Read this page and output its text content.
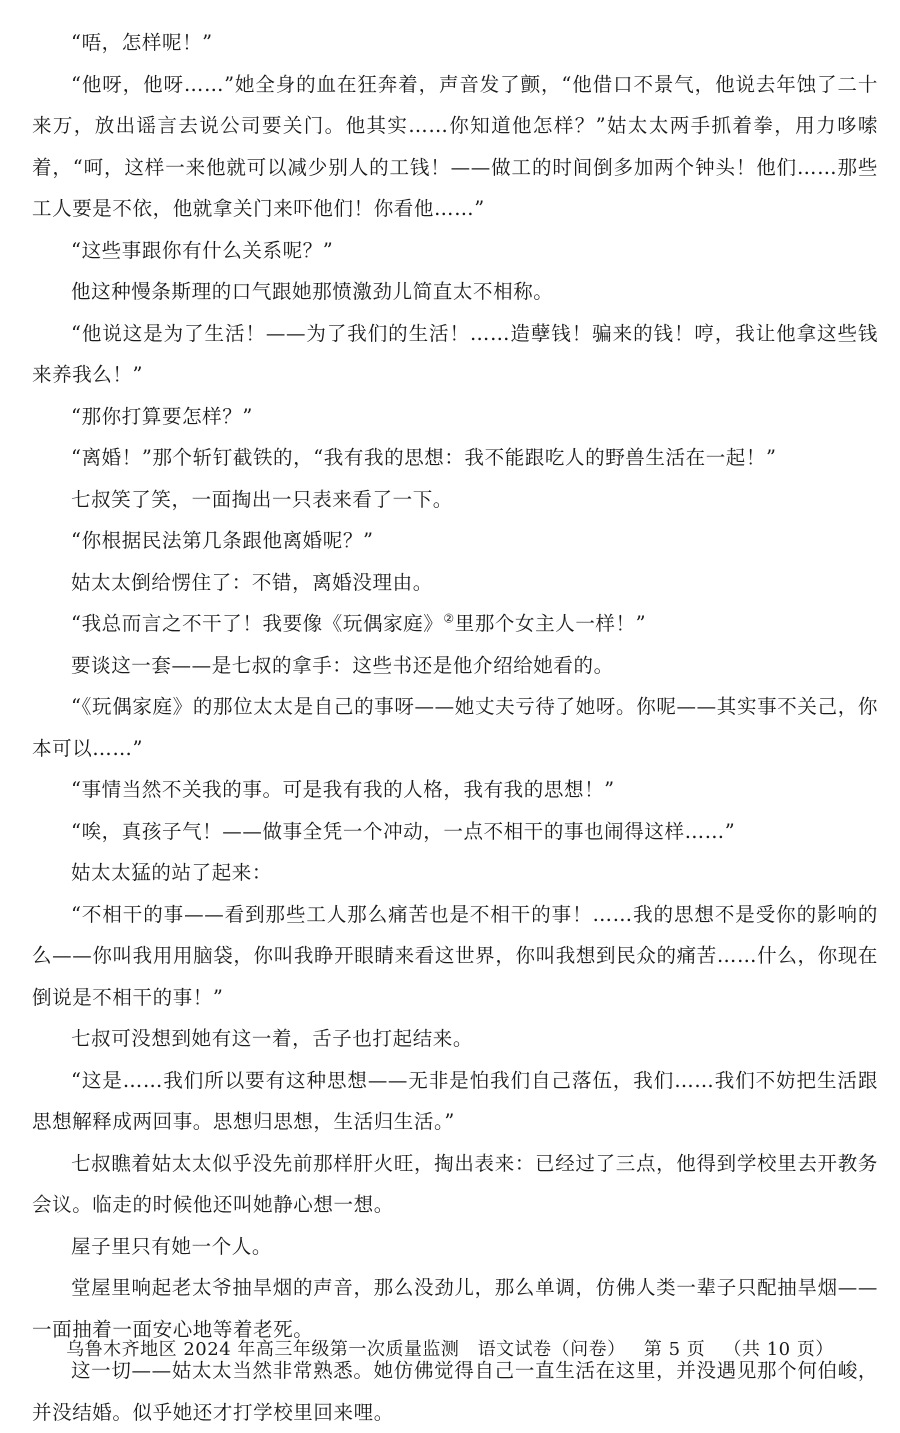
“唔，怎样呢！”

“他呀，他呀……”她全身的血在狂奔着，声音发了颤，“他借口不景气，他说去年蚀了二十来万，放出谣言去说公司要关门。他其实……你知道他怎样？”姑太太两手抓着拳，用力哆嗦着，“呵，这样一来他就可以减少别人的工钱！——做工的时间倒多加两个钟头！他们……那些工人要是不依，他就拿关门来吓他们！你看他……”

“这些事跟你有什么关系呢？”

他这种慢条斯理的口气跟她那愤激劲儿简直太不相称。

“他说这是为了生活！——为了我们的生活！……造孽钱！骗来的钱！哼，我让他拿这些钱来养我么！”

“那你打算要怎样？”

“离婚！”那个斩钉截铁的，“我有我的思想：我不能跟吃人的野兽生活在一起！”

七叔笑了笑，一面掏出一只表来看了一下。

“你根据民法第几条跟他离婚呢？”

姑太太倒给愣住了：不错，离婚没理由。

“我总而言之不干了！我要像《玩偶家庭》②里那个女主人一样！”

要谈这一套——是七叔的拿手：这些书还是他介绍给她看的。

“《玩偶家庭》的那位太太是自己的事呀——她丈夫亏待了她呀。你呢——其实事不关己，你本可以……”

“事情当然不关我的事。可是我有我的人格，我有我的思想！”

“唉，真孩子气！——做事全凭一个冲动，一点不相干的事也闹得这样……”

姑太太猛的站了起来：

“不相干的事——看到那些工人那么痛苦也是不相干的事！……我的思想不是受你的影响的么——你叫我用用脑袋，你叫我睁开眼睛来看这世界，你叫我想到民众的痛苦……什么，你现在倒说是不相干的事！”

七叔可没想到她有这一着，舌子也打起结来。

“这是……我们所以要有这种思想——无非是怕我们自己落伍，我们……我们不妨把生活跟思想解释成两回事。思想归思想，生活归生活。”

七叔瞧着姑太太似乎没先前那样肝火旺，掏出表来：已经过了三点，他得到学校里去开教务会议。临走的时候他还叫她静心想一想。

屋子里只有她一个人。

堂屋里响起老太爷抽旱烟的声音，那么没劲儿，那么单调，仿佛人类一辈子只配抽旱烟——一面抽着一面安心地等着老死。

这一切——姑太太当然非常熟悉。她仿佛觉得自己一直生活在这里，并没遇见那个何伯峻，并没结婚。似乎她还才打学校里回来哩。

乌鲁木齐地区 2024 年高三年级第一次质量监测 语文试卷（问卷） 第 5 页 （共 10 页）
